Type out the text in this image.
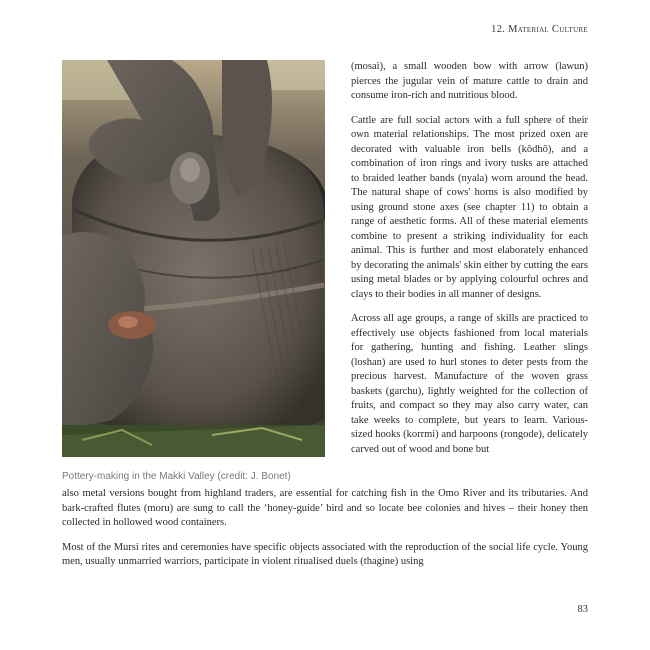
12. Material Culture
Pottery-making in the Makki Valley (credit: J. Bonet)

(mosai), a small wooden bow with arrow (lawun) pierces the jugular vein of mature cattle to drain and consume iron-rich and nutritious blood.

Cattle are full social actors with a full sphere of their own material relationships. The most prized oxen are decorated with valuable iron bells (kôdhô), and a combination of iron rings and ivory tusks are attached to braided leather bands (nyala) worn around the head. The natural shape of cows' horns is also modified by using ground stone axes (see chapter 11) to obtain a range of aesthetic forms. All of these material elements combine to present a striking individuality for each animal. This is further and most elaborately enhanced by decorating the animals' skin either by cutting the ears using metal blades or by applying colourful ochres and clays to their bodies in all manner of designs.

Across all age groups, a range of skills are practiced to effectively use objects fashioned from local materials for gathering, hunting and fishing. Leather slings (loshan) are used to hurl stones to deter pests from the precious harvest. Manufacture of the woven grass baskets (garchu), lightly weighted for the collection of fruits, and compact so they may also carry water, can take weeks to complete, but years to learn. Various-sized hooks (korrmi) and harpoons (rongode), delicately carved out of wood and bone but

also metal versions bought from highland traders, are essential for catching fish in the Omo River and its tributaries. And bark-crafted flutes (moru) are sung to call the ‘honey-guide’ bird and so locate bee colonies and hives – their honey then collected in hollowed wood containers.

Most of the Mursi rites and ceremonies have specific objects associated with the reproduction of the social life cycle. Young men, usually unmarried warriors, participate in violent ritualised duels (thagine) using

83
